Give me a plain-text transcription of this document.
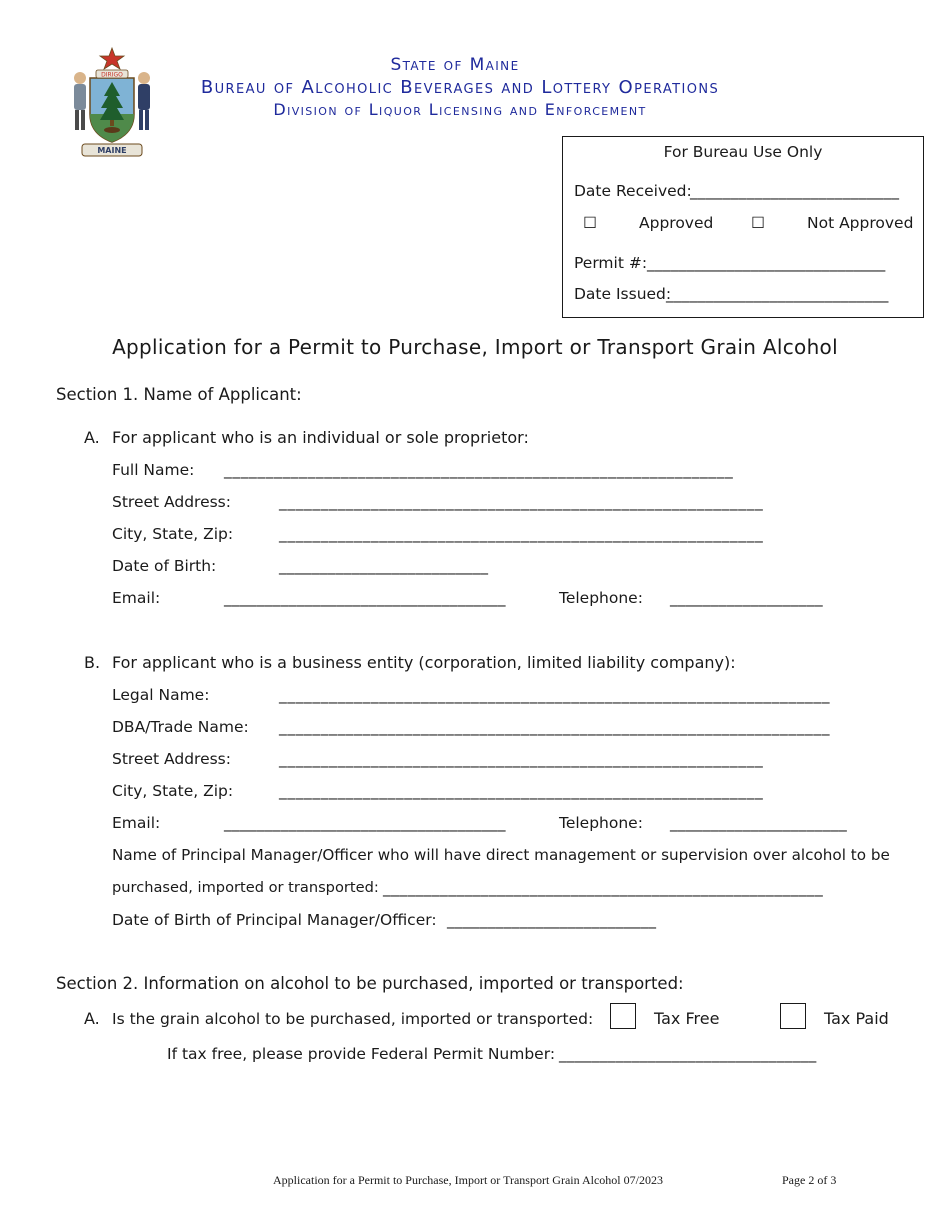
MAINE
DIRIGO	State of Maine
Bureau of Alcoholic Beverages and Lottery Operations
Division of Liquor Licensing and Enforcement
For Bureau Use Only
Date Received:
__________________________
☐	Approved ☐	Not Approved
Permit #: ______________________________
Date Issued:
____________________________
Application for a Permit to Purchase, Import or Transport Grain Alcohol
Section 1. Name of Applicant:
A. For applicant who is an individual or sole proprietor:
Full Name: _____________________________________________________________
Street Address:	__________________________________________________________
City, State, Zip:	__________________________________________________________
Date of Birth:	__________________________
Email:	___________________________________	Telephone: ___________________
B. For applicant who is a business entity (corporation, limited liability company):
Legal Name:	__________________________________________________________________
DBA/Trade Name: __________________________________________________________________
Street Address:	__________________________________________________________
City, State, Zip:	__________________________________________________________
Email:	___________________________________	Telephone: ______________________
Name of Principal Manager/Officer who will have direct management or supervision over alcohol to be
purchased, imported or transported: ______________________________________________________
Date of Birth of Principal Manager/Officer: __________________________
Section 2. Information on alcohol to be purchased, imported or transported:
A. Is the grain alcohol to be purchased, imported or transported:	Tax Free	Tax Paid
If tax free, please provide Federal Permit Number: ________________________________
Application for a Permit to Purchase, Import or Transport Grain Alcohol 07/2023	Page 2 of 3
